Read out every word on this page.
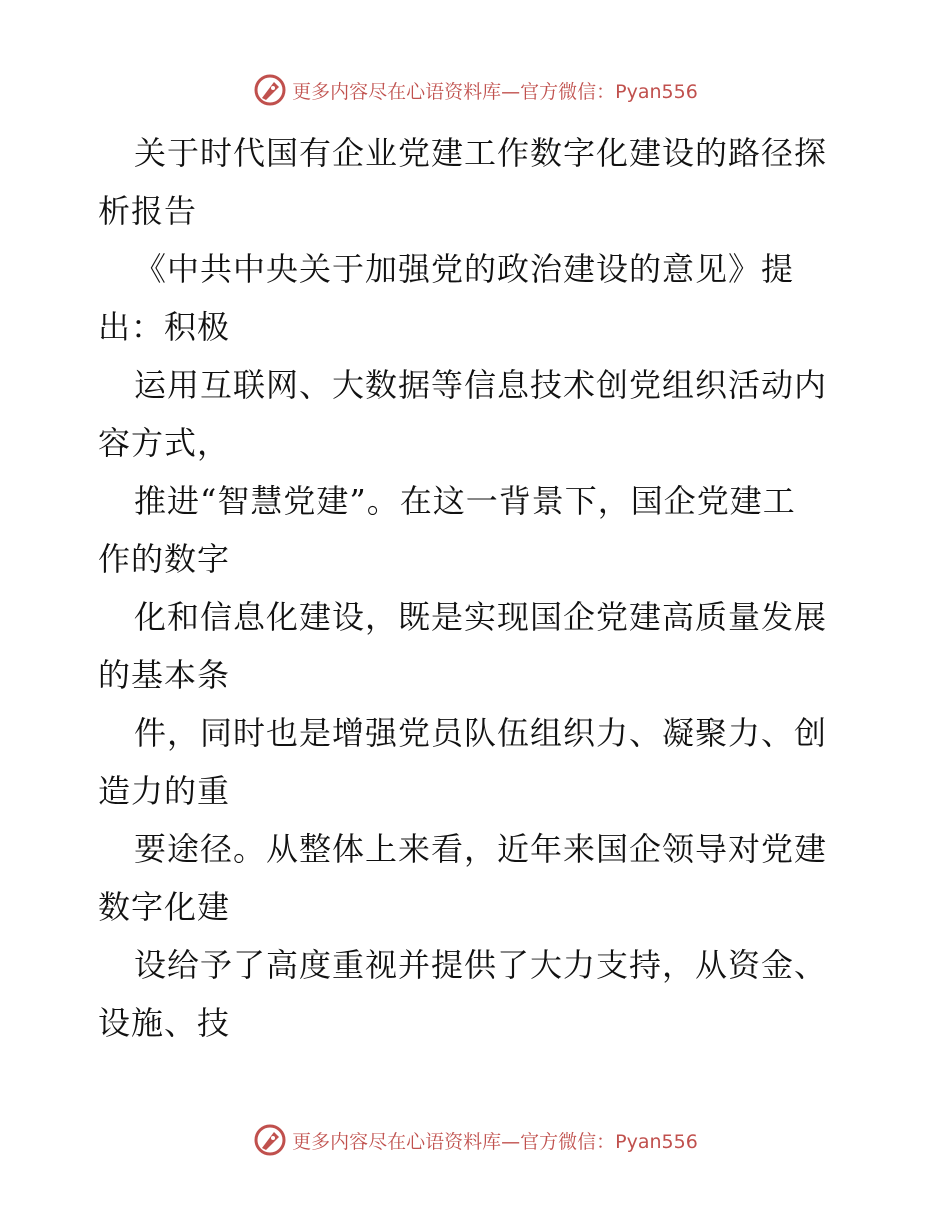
更多内容尽在心语资料库—官方微信：Pyan556

关于时代国有企业党建工作数字化建设的路径探

析报告

《中共中央关于加强党的政治建设的意见》提

出：积极

运用互联网、大数据等信息技术创党组织活动内

容方式，

推进“智慧党建”。在这一背景下，国企党建工

作的数字

化和信息化建设，既是实现国企党建高质量发展

的基本条

件，同时也是增强党员队伍组织力、凝聚力、创

造力的重

要途径。从整体上来看，近年来国企领导对党建

数字化建

设给予了高度重视并提供了大力支持，从资金、

设施、技

更多内容尽在心语资料库—官方微信：Pyan556
